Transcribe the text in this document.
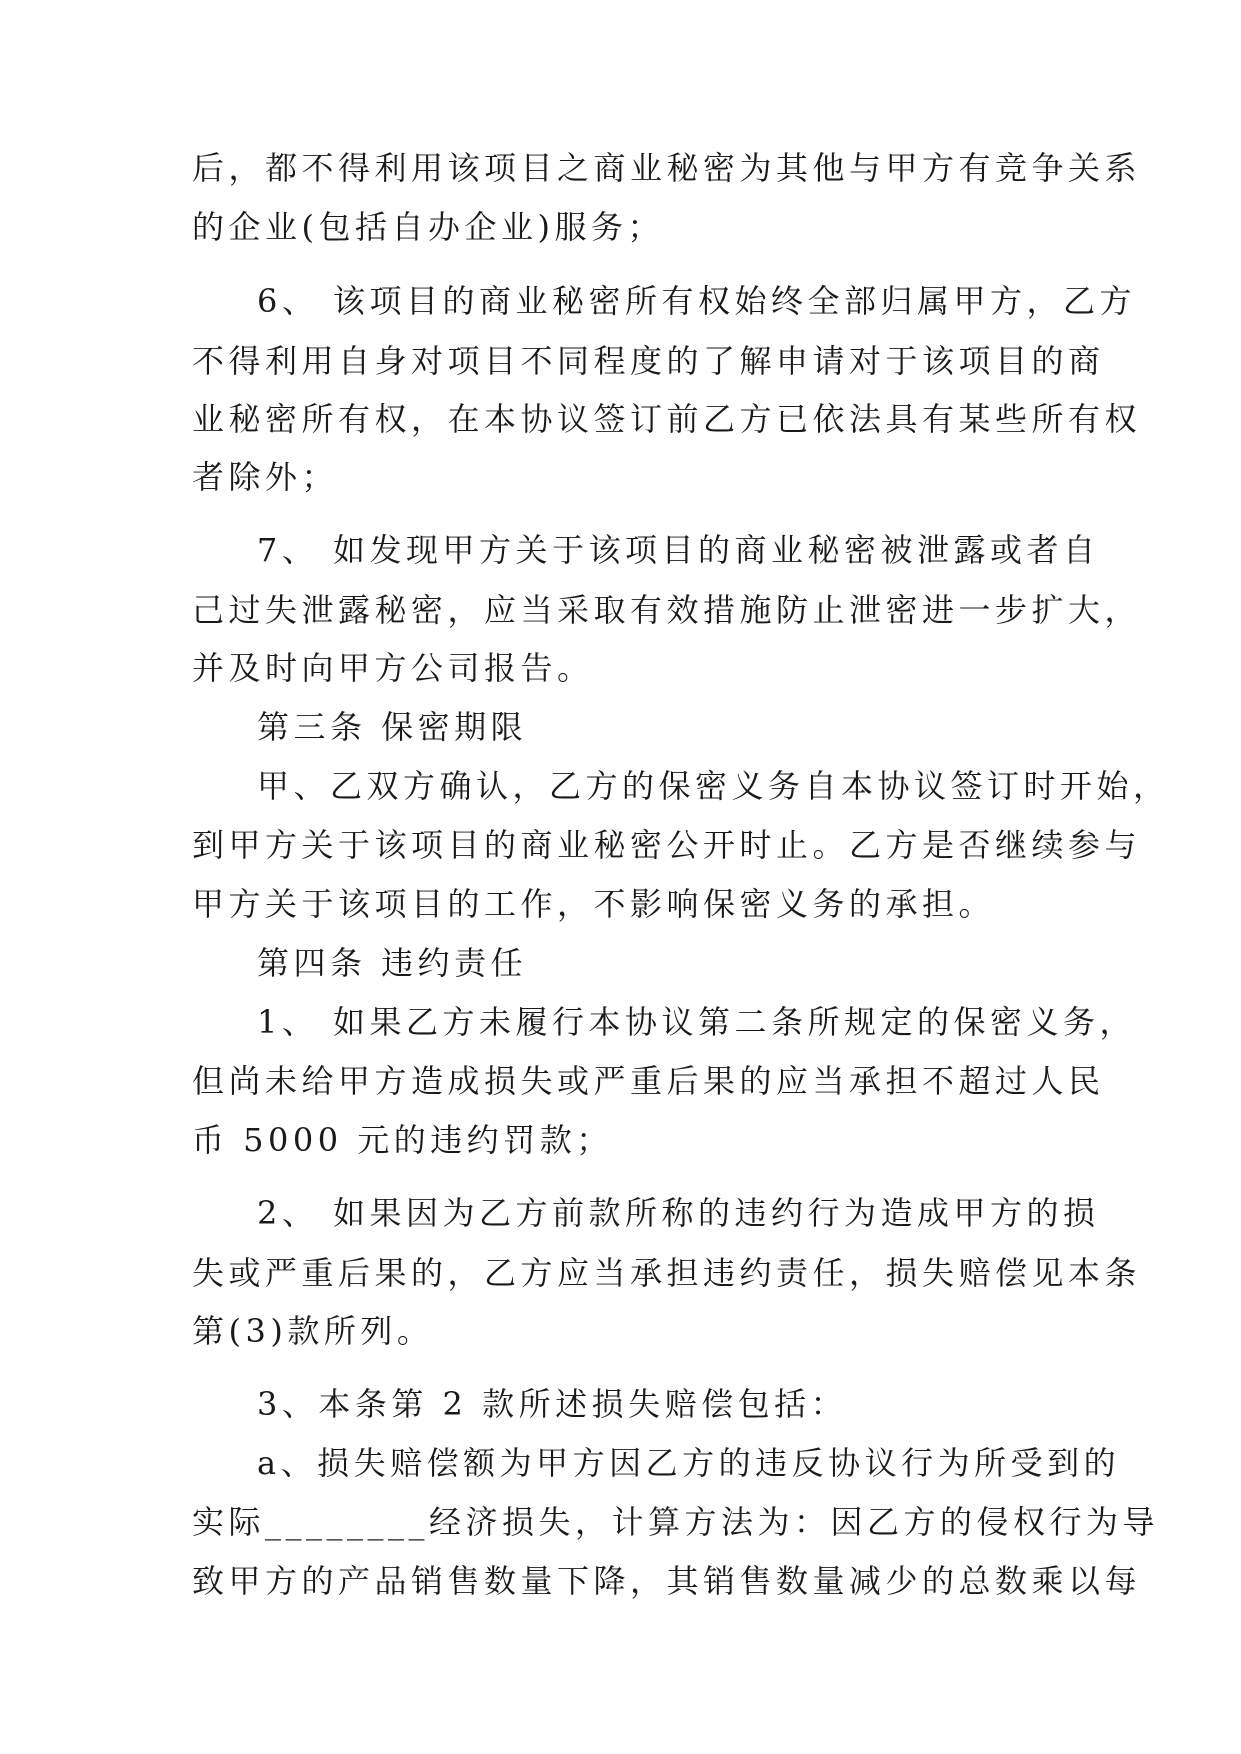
后，都不得利用该项目之商业秘密为其他与甲方有竞争关系

的企业(包括自办企业)服务；

6、 该项目的商业秘密所有权始终全部归属甲方，乙方

不得利用自身对项目不同程度的了解申请对于该项目的商

业秘密所有权，在本协议签订前乙方已依法具有某些所有权

者除外；

7、 如发现甲方关于该项目的商业秘密被泄露或者自

己过失泄露秘密，应当采取有效措施防止泄密进一步扩大，

并及时向甲方公司报告。

第三条 保密期限

甲、乙双方确认，乙方的保密义务自本协议签订时开始，

到甲方关于该项目的商业秘密公开时止。乙方是否继续参与

甲方关于该项目的工作，不影响保密义务的承担。

第四条 违约责任

1、 如果乙方未履行本协议第二条所规定的保密义务，

但尚未给甲方造成损失或严重后果的应当承担不超过人民

币 5000 元的违约罚款；

2、 如果因为乙方前款所称的违约行为造成甲方的损

失或严重后果的，乙方应当承担违约责任，损失赔偿见本条

第(3)款所列。

3、本条第 2 款所述损失赔偿包括：

a、损失赔偿额为甲方因乙方的违反协议行为所受到的

实际________经济损失，计算方法为：因乙方的侵权行为导

致甲方的产品销售数量下降，其销售数量减少的总数乘以每
